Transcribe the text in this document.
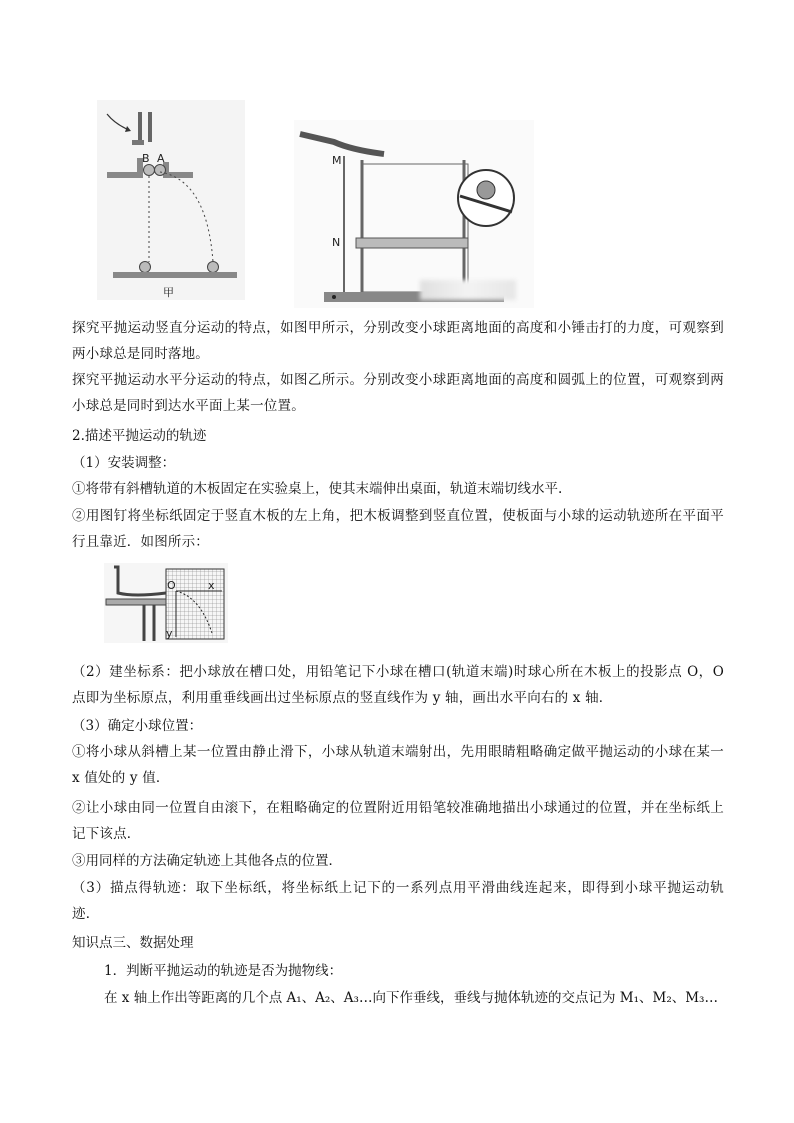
B A
甲
M
N
探究平抛运动竖直分运动的特点，如图甲所示，分别改变小球距离地面的高度和小锤击打的力度，可观察到两小球总是同时落地。
探究平抛运动水平分运动的特点，如图乙所示。分别改变小球距离地面的高度和圆弧上的位置，可观察到两小球总是同时到达水平面上某一位置。
2.描述平抛运动的轨迹
（1）安装调整：
①将带有斜槽轨道的木板固定在实验桌上，使其末端伸出桌面，轨道末端切线水平.
②用图钉将坐标纸固定于竖直木板的左上角，把木板调整到竖直位置，使板面与小球的运动轨迹所在平面平行且靠近．如图所示：
O	x
y
（2）建坐标系：把小球放在槽口处，用铅笔记下小球在槽口(轨道末端)时球心所在木板上的投影点 O，O 点即为坐标原点，利用重垂线画出过坐标原点的竖直线作为 y 轴，画出水平向右的 x 轴．
（3）确定小球位置：
①将小球从斜槽上某一位置由静止滑下，小球从轨道末端射出，先用眼睛粗略确定做平抛运动的小球在某一 x 值处的 y 值．
②让小球由同一位置自由滚下，在粗略确定的位置附近用铅笔较准确地描出小球通过的位置，并在坐标纸上记下该点．
③用同样的方法确定轨迹上其他各点的位置．
（3）描点得轨迹：取下坐标纸，将坐标纸上记下的一系列点用平滑曲线连起来，即得到小球平抛运动轨迹．
知识点三、数据处理
1．判断平抛运动的轨迹是否为抛物线：
在 x 轴上作出等距离的几个点 A₁、A₂、A₃…向下作垂线，垂线与抛体轨迹的交点记为 M₁、M₂、M₃…
